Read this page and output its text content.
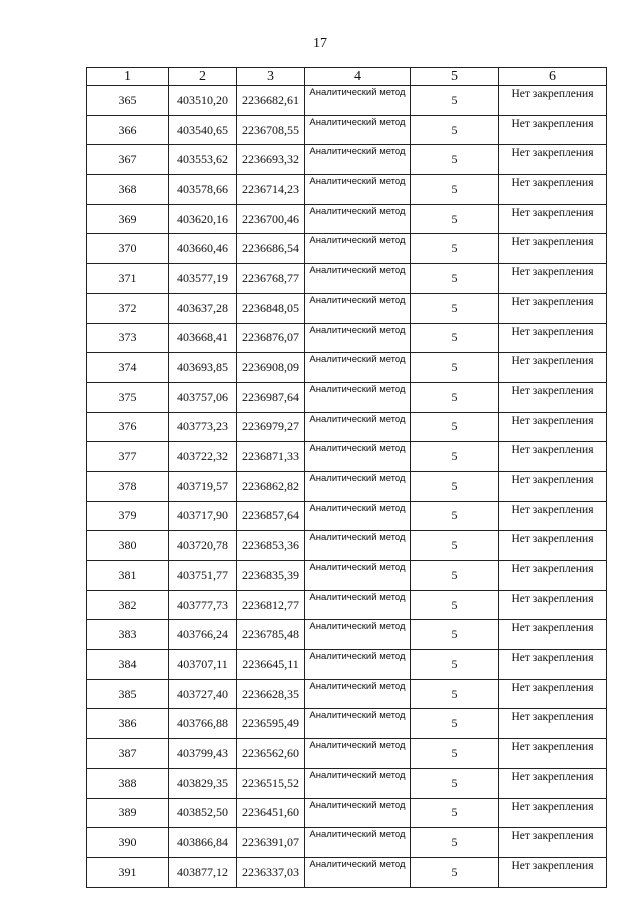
17
1	2	3	4	5	6
365	403510,20	2236682,61	Аналитический метод	5	Нет закрепления
366	403540,65	2236708,55	Аналитический метод	5	Нет закрепления
367	403553,62	2236693,32	Аналитический метод	5	Нет закрепления
368	403578,66	2236714,23	Аналитический метод	5	Нет закрепления
369	403620,16	2236700,46	Аналитический метод	5	Нет закрепления
370	403660,46	2236686,54	Аналитический метод	5	Нет закрепления
371	403577,19	2236768,77	Аналитический метод	5	Нет закрепления
372	403637,28	2236848,05	Аналитический метод	5	Нет закрепления
373	403668,41	2236876,07	Аналитический метод	5	Нет закрепления
374	403693,85	2236908,09	Аналитический метод	5	Нет закрепления
375	403757,06	2236987,64	Аналитический метод	5	Нет закрепления
376	403773,23	2236979,27	Аналитический метод	5	Нет закрепления
377	403722,32	2236871,33	Аналитический метод	5	Нет закрепления
378	403719,57	2236862,82	Аналитический метод	5	Нет закрепления
379	403717,90	2236857,64	Аналитический метод	5	Нет закрепления
380	403720,78	2236853,36	Аналитический метод	5	Нет закрепления
381	403751,77	2236835,39	Аналитический метод	5	Нет закрепления
382	403777,73	2236812,77	Аналитический метод	5	Нет закрепления
383	403766,24	2236785,48	Аналитический метод	5	Нет закрепления
384	403707,11	2236645,11	Аналитический метод	5	Нет закрепления
385	403727,40	2236628,35	Аналитический метод	5	Нет закрепления
386	403766,88	2236595,49	Аналитический метод	5	Нет закрепления
387	403799,43	2236562,60	Аналитический метод	5	Нет закрепления
388	403829,35	2236515,52	Аналитический метод	5	Нет закрепления
389	403852,50	2236451,60	Аналитический метод	5	Нет закрепления
390	403866,84	2236391,07	Аналитический метод	5	Нет закрепления
391	403877,12	2236337,03	Аналитический метод	5	Нет закрепления
